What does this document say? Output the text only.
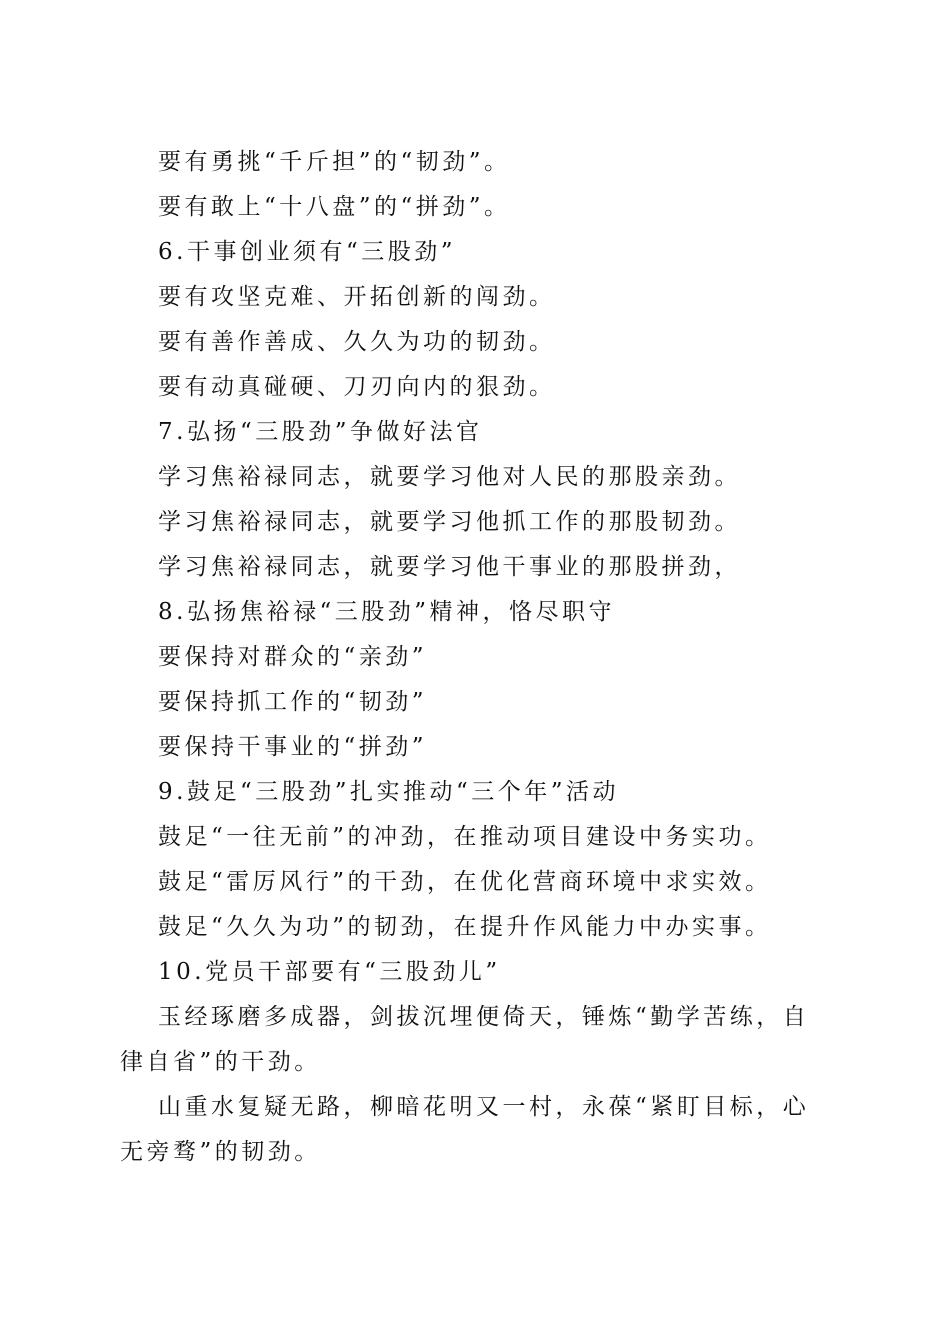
要有勇挑“千斤担”的“韧劲”。
要有敢上“十八盘”的“拼劲”。
6.干事创业须有“三股劲”
要有攻坚克难、开拓创新的闯劲。
要有善作善成、久久为功的韧劲。
要有动真碰硬、刀刃向内的狠劲。
7.弘扬“三股劲”争做好法官
学习焦裕禄同志，就要学习他对人民的那股亲劲。
学习焦裕禄同志，就要学习他抓工作的那股韧劲。
学习焦裕禄同志，就要学习他干事业的那股拼劲，
8.弘扬焦裕禄“三股劲”精神，恪尽职守
要保持对群众的“亲劲”
要保持抓工作的“韧劲”
要保持干事业的“拼劲”
9.鼓足“三股劲”扎实推动“三个年”活动
鼓足“一往无前”的冲劲，在推动项目建设中务实功。
鼓足“雷厉风行”的干劲，在优化营商环境中求实效。
鼓足“久久为功”的韧劲，在提升作风能力中办实事。
10.党员干部要有“三股劲儿”
玉经琢磨多成器，剑拔沉埋便倚天，锤炼“勤学苦练，自律自省”的干劲。
山重水复疑无路，柳暗花明又一村，永葆“紧盯目标，心无旁骛”的韧劲。
